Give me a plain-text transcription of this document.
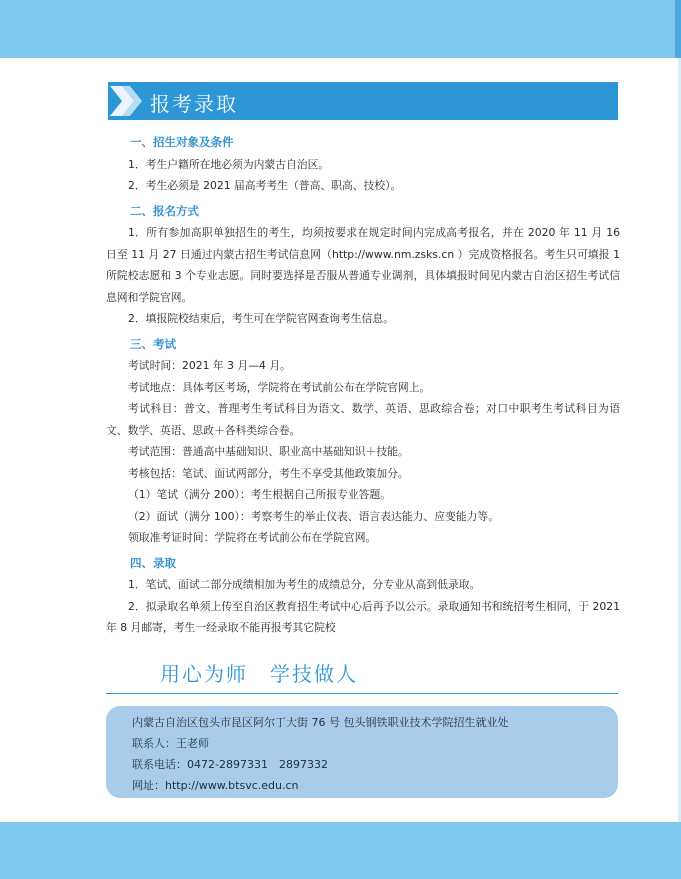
报考录取
一、招生对象及条件

1．考生户籍所在地必须为内蒙古自治区。

2．考生必须是 2021 届高考考生（普高、职高、技校）。

二、报名方式

1．所有参加高职单独招生的考生，均须按要求在规定时间内完成高考报名，并在 2020 年 11 月 16 日至 11 月 27 日通过内蒙古招生考试信息网（http://www.nm.zsks.cn ）完成资格报名。考生只可填报 1 所院校志愿和 3 个专业志愿。同时要选择是否服从普通专业调剂，具体填报时间见内蒙古自治区招生考试信息网和学院官网。

2．填报院校结束后，考生可在学院官网查询考生信息。

三、考试

考试时间：2021 年 3 月—4 月。

考试地点：具体考区考场，学院将在考试前公布在学院官网上。

考试科目：普文、普理考生考试科目为语文、数学、英语、思政综合卷；对口中职考生考试科目为语文、数学、英语、思政＋各科类综合卷。

考试范围：普通高中基础知识、职业高中基础知识＋技能。

考核包括：笔试、面试两部分，考生不享受其他政策加分。

（1）笔试（满分 200）：考生根据自己所报专业答题。

（2）面试（满分 100）：考察考生的举止仪表、语言表达能力、应变能力等。

领取准考证时间：学院将在考试前公布在学院官网。

四、录取

1．笔试、面试二部分成绩相加为考生的成绩总分，分专业从高到低录取。

2．拟录取名单须上传至自治区教育招生考试中心后再予以公示。录取通知书和统招考生相同，于 2021 年 8 月邮寄，考生一经录取不能再报考其它院校

用心为师　学技做人
内蒙古自治区包头市昆区阿尔丁大街 76 号 包头钢铁职业技术学院招生就业处
联系人：王老师
联系电话：0472-2897331　2897332
网址：http://www.btsvc.edu.cn
